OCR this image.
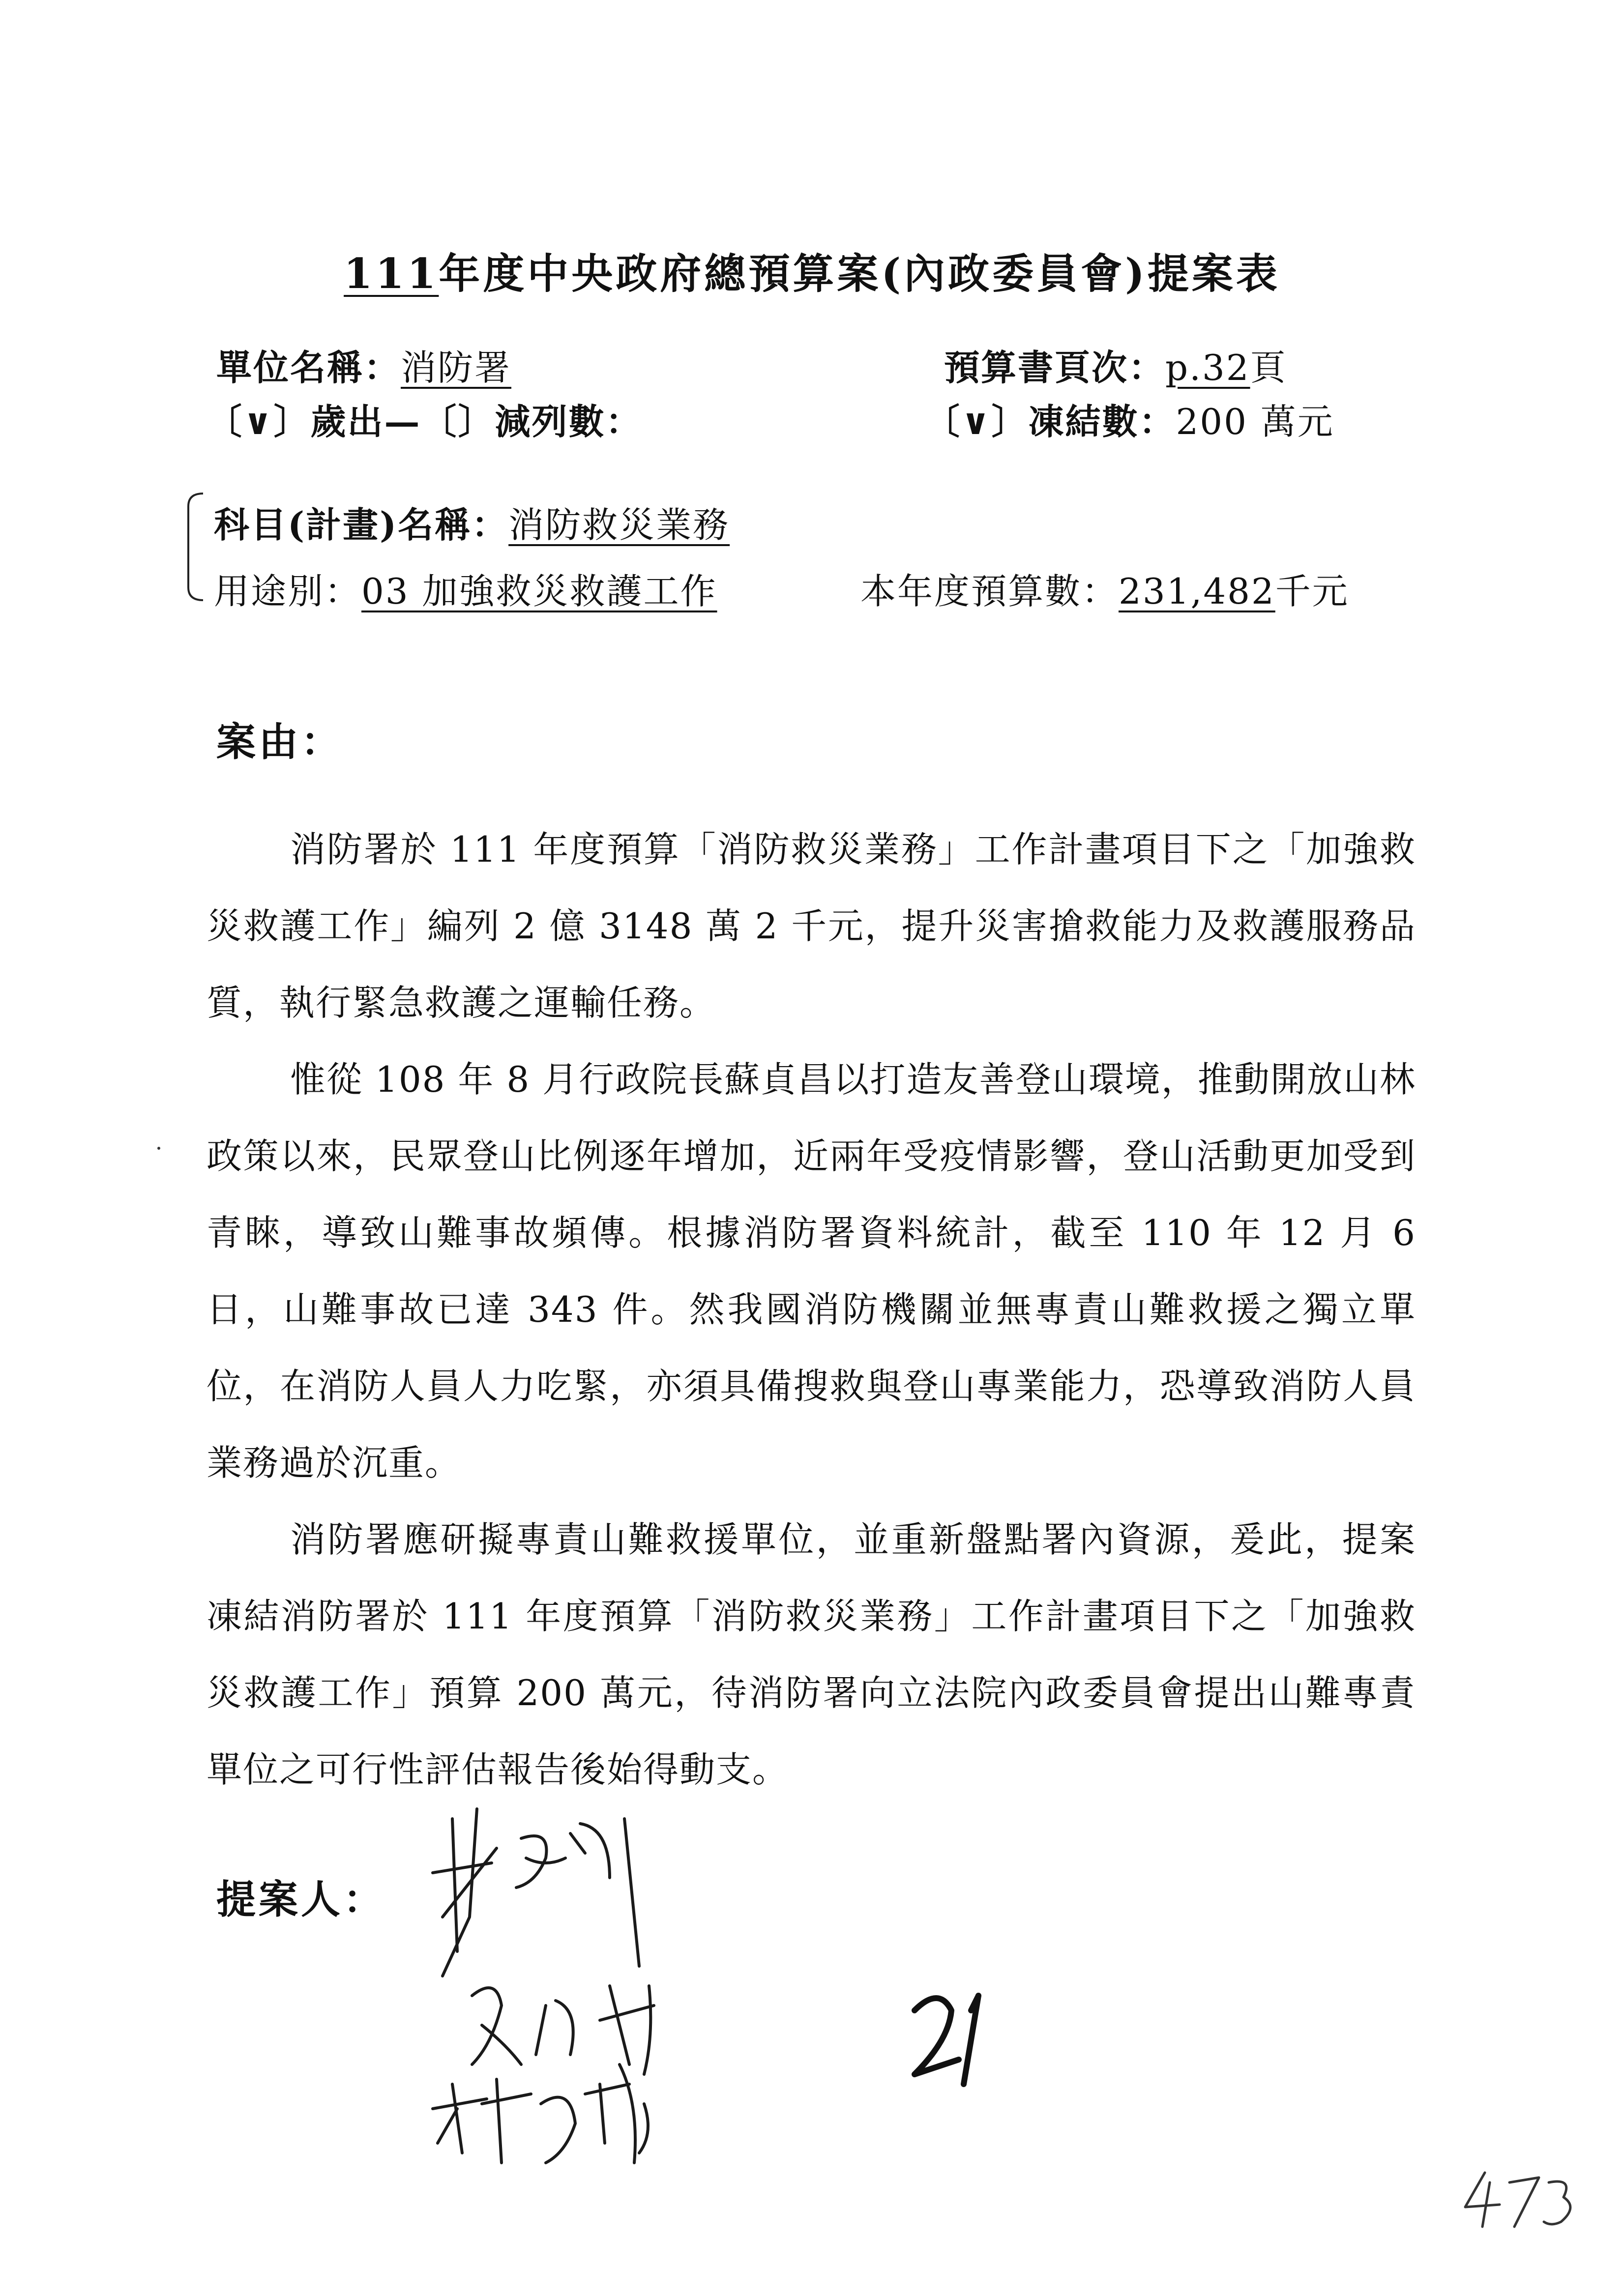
111年度中央政府總預算案(內政委員會)提案表
單位名稱：消防署	預算書頁次：p.32頁
〔∨〕歲出—〔〕減列數：	〔∨〕凍結數：200 萬元
科目(計畫)名稱：消防救災業務
用途別：03 加強救災救護工作	本年度預算數：231,482千元
案由：

消防署於 111 年度預算「消防救災業務」工作計畫項目下之「加強救災救護工作」編列 2 億 3148 萬 2 千元，提升災害搶救能力及救護服務品質，執行緊急救護之運輸任務。

惟從 108 年 8 月行政院長蘇貞昌以打造友善登山環境，推動開放山林政策以來，民眾登山比例逐年增加，近兩年受疫情影響，登山活動更加受到青睞，導致山難事故頻傳。根據消防署資料統計，截至 110 年 12 月 6 日，山難事故已達 343 件。然我國消防機關並無專責山難救援之獨立單位，在消防人員人力吃緊，亦須具備搜救與登山專業能力，恐導致消防人員業務過於沉重。

消防署應研擬專責山難救援單位，並重新盤點署內資源，爰此，提案凍結消防署於 111 年度預算「消防救災業務」工作計畫項目下之「加強救災救護工作」預算 200 萬元，待消防署向立法院內政委員會提出山難專責單位之可行性評估報告後始得動支。

提案人：
